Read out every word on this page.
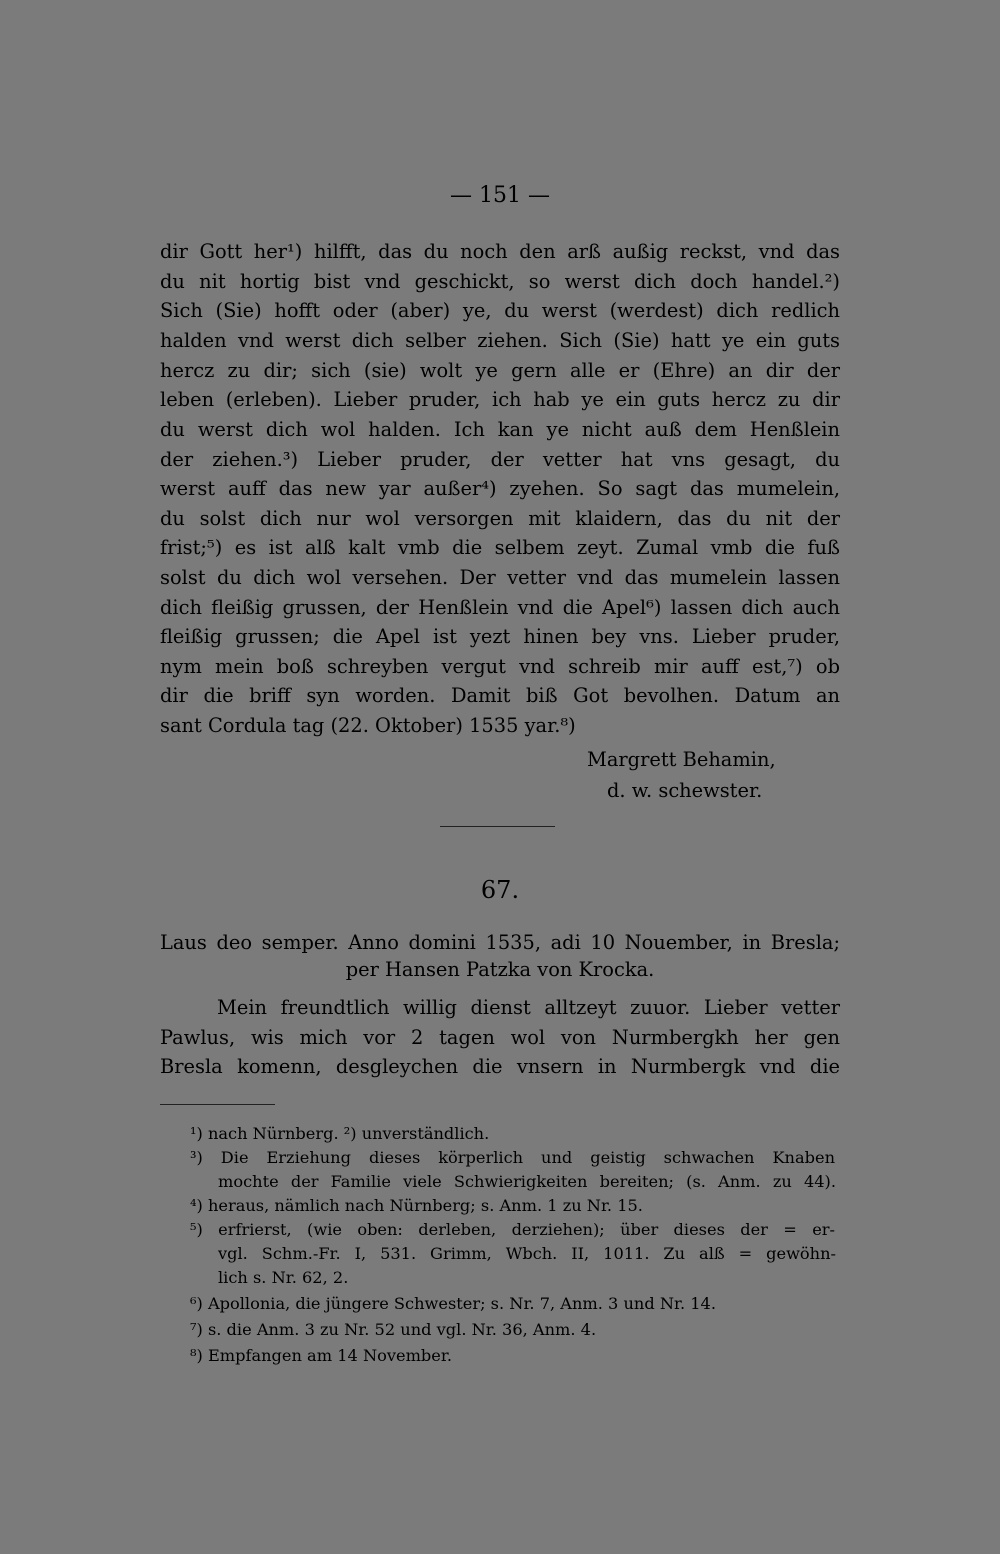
— 151 —
dir Gott her¹) hilfft, das du noch den arß außig reckst, vnd das
du nit hortig bist vnd geschickt, so werst dich doch handel.²)
Sich (Sie) hofft oder (aber) ye, du werst (werdest) dich redlich
halden vnd werst dich selber ziehen. Sich (Sie) hatt ye ein guts
hercz zu dir; sich (sie) wolt ye gern alle er (Ehre) an dir der
leben (erleben). Lieber pruder, ich hab ye ein guts hercz zu dir
du werst dich wol halden. Ich kan ye nicht auß dem Henßlein
der ziehen.³) Lieber pruder, der vetter hat vns gesagt, du
werst auff das new yar außer⁴) zyehen. So sagt das mumelein,
du solst dich nur wol versorgen mit klaidern, das du nit der
frist;⁵) es ist alß kalt vmb die selbem zeyt. Zumal vmb die fuß
solst du dich wol versehen. Der vetter vnd das mumelein lassen
dich fleißig grussen, der Henßlein vnd die Apel⁶) lassen dich auch
fleißig grussen; die Apel ist yezt hinen bey vns. Lieber pruder,
nym mein boß schreyben vergut vnd schreib mir auff est,⁷) ob
dir die briff syn worden. Damit biß Got bevolhen. Datum an
sant Cordula tag (22. Oktober) 1535 yar.⁸)
Margrett Behamin,
d. w. schewster.
67.
Laus deo semper. Anno domini 1535, adi 10 Nouember, in Bresla;
per Hansen Patzka von Krocka.
Mein freundtlich willig dienst alltzeyt zuuor. Lieber vetter
Pawlus, wis mich vor 2 tagen wol von Nurmbergkh her gen
Bresla komenn, desgleychen die vnsern in Nurmbergk vnd die
¹) nach Nürnberg. ²) unverständlich.
³) Die Erziehung dieses körperlich und geistig schwachen Knaben
mochte der Familie viele Schwierigkeiten bereiten; (s. Anm. zu 44).
⁴) heraus, nämlich nach Nürnberg; s. Anm. 1 zu Nr. 15.
⁵) erfrierst, (wie oben: derleben, derziehen); über dieses der = er-
vgl. Schm.-Fr. I, 531. Grimm, Wbch. II, 1011. Zu alß = gewöhn-
lich s. Nr. 62, 2.
⁶) Apollonia, die jüngere Schwester; s. Nr. 7, Anm. 3 und Nr. 14.
⁷) s. die Anm. 3 zu Nr. 52 und vgl. Nr. 36, Anm. 4.
⁸) Empfangen am 14 November.
